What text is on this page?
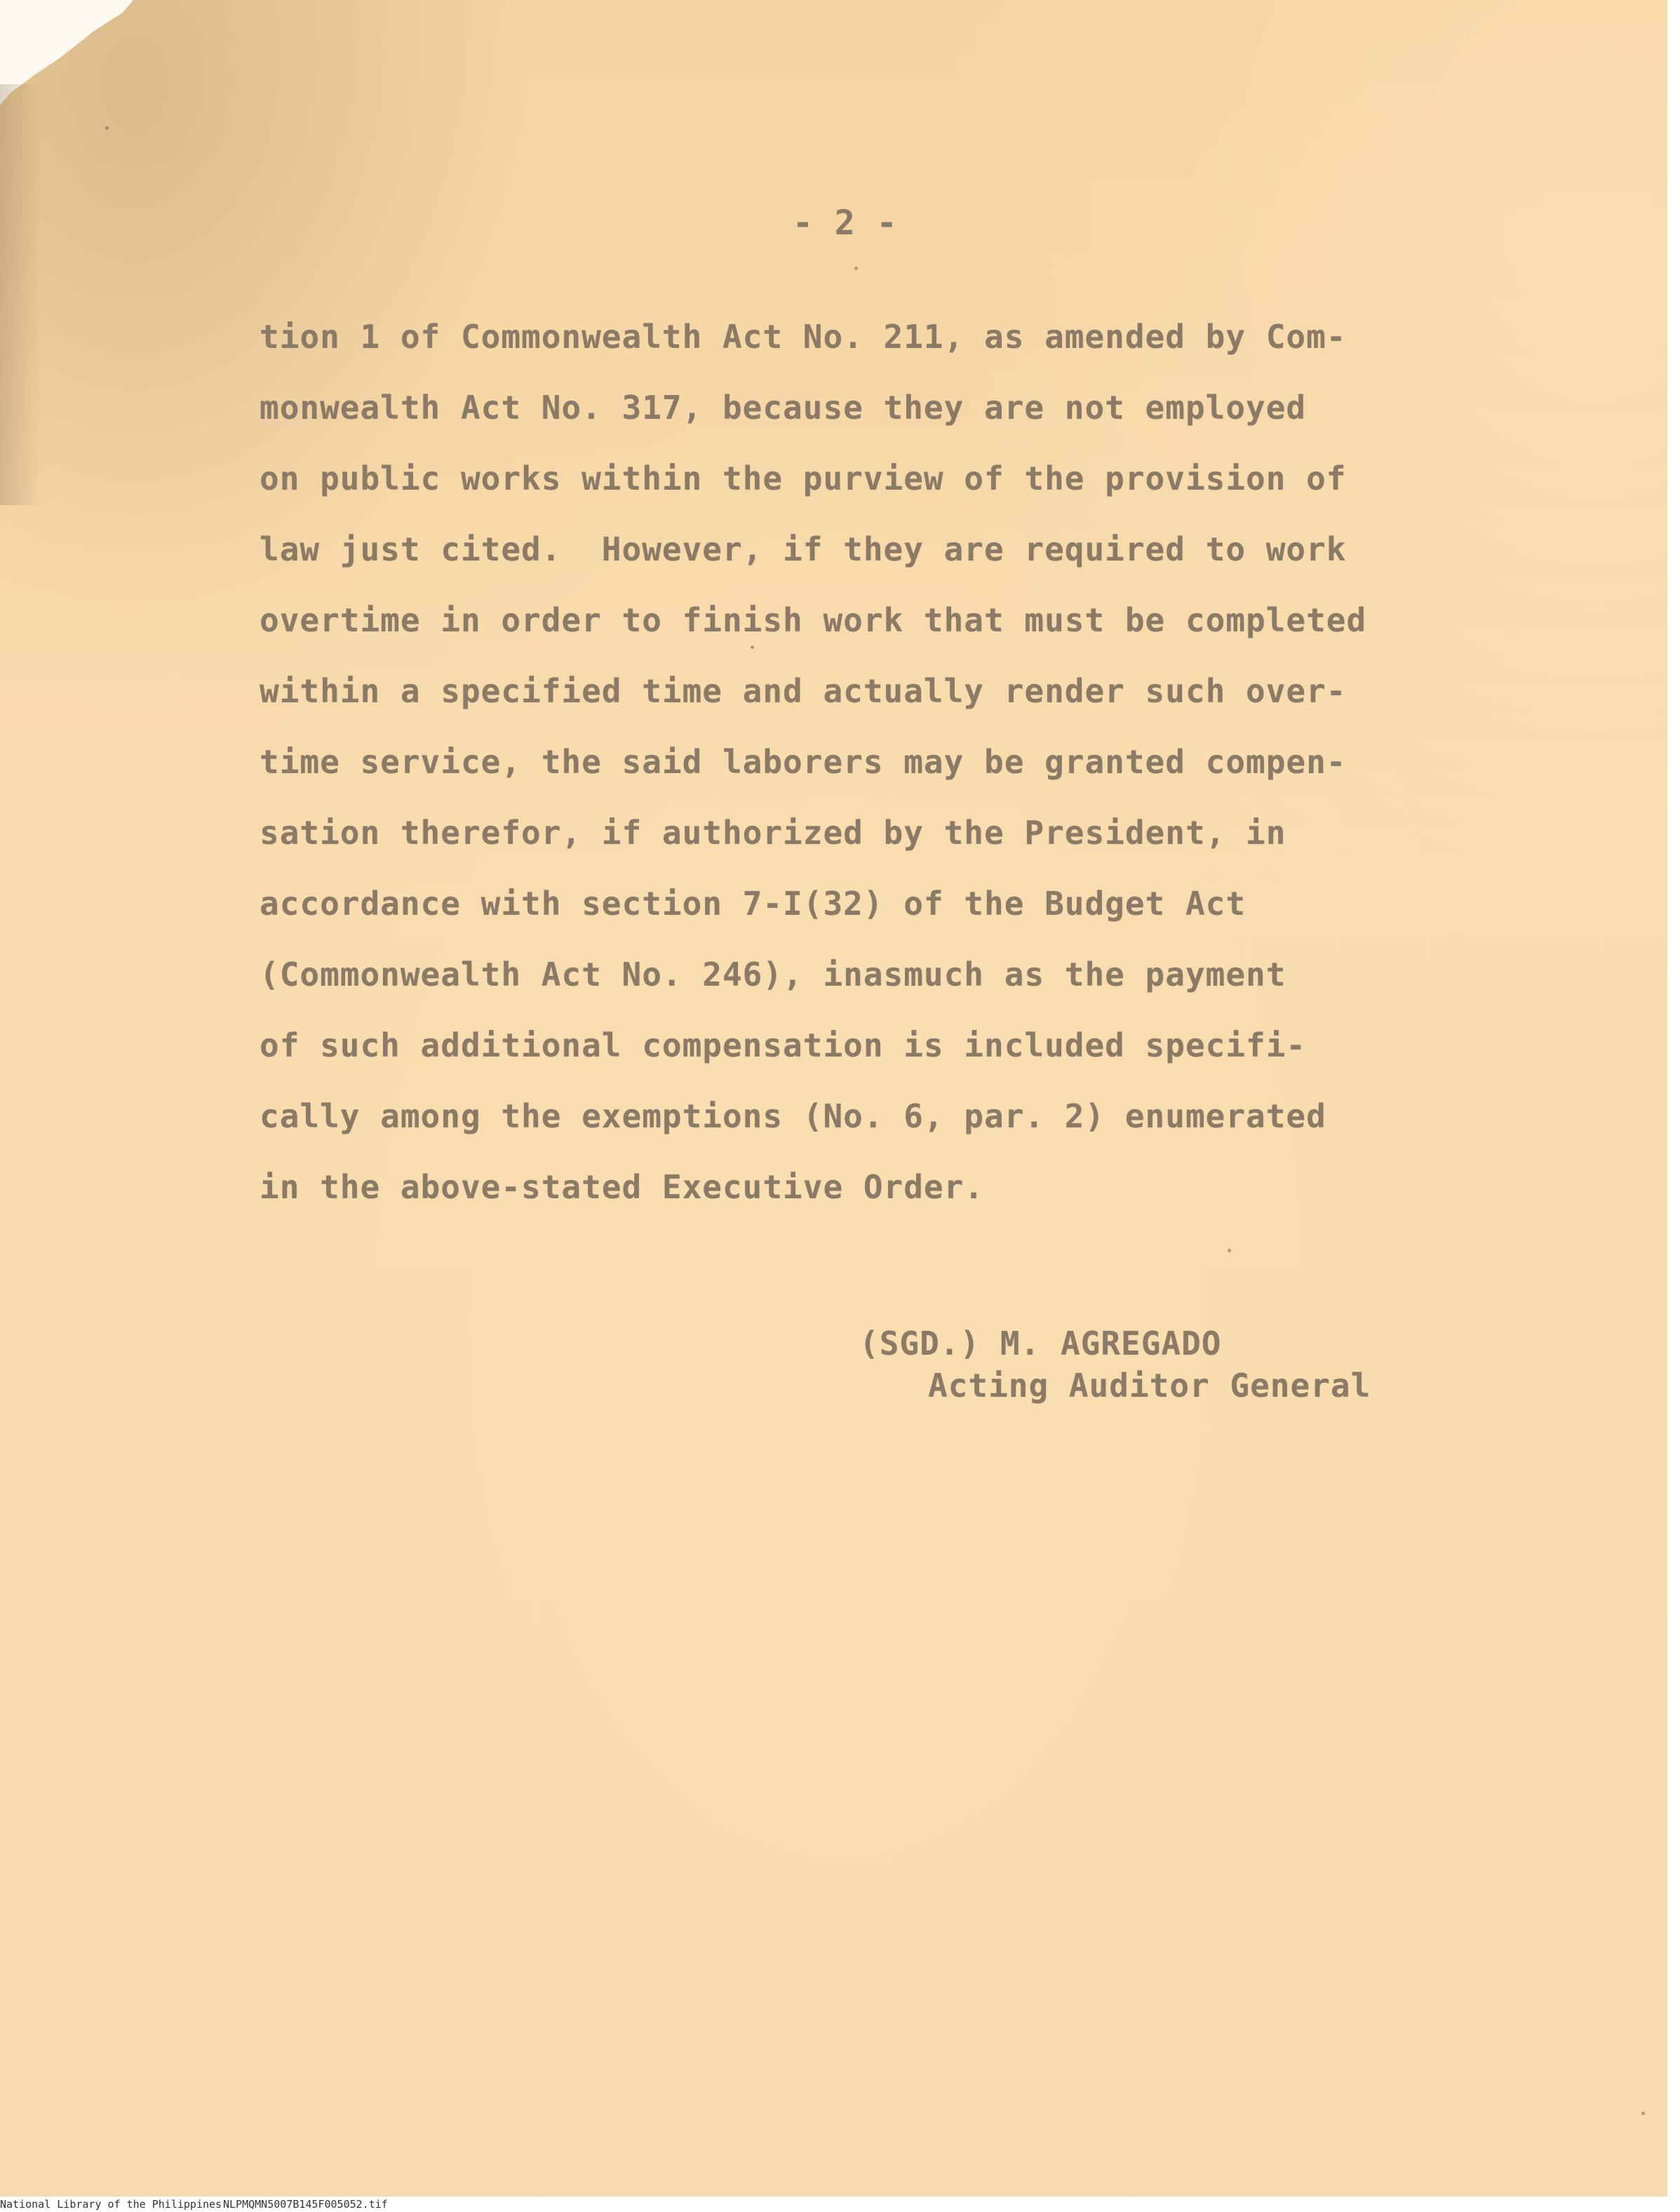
- 2 -
tion 1 of Commonwealth Act No. 211, as amended by Com-
monwealth Act No. 317, because they are not employed
on public works within the purview of the provision of
law just cited.  However, if they are required to work
overtime in order to finish work that must be completed
within a specified time and actually render such over-
time service, the said laborers may be granted compen-
sation therefor, if authorized by the President, in
accordance with section 7-I(32) of the Budget Act
(Commonwealth Act No. 246), inasmuch as the payment
of such additional compensation is included specifi-
cally among the exemptions (No. 6, par. 2) enumerated
in the above-stated Executive Order.
(SGD.) M. AGREGADO
Acting Auditor General
National Library of the Philippines NLPMQMN5007B145F005052.tif
